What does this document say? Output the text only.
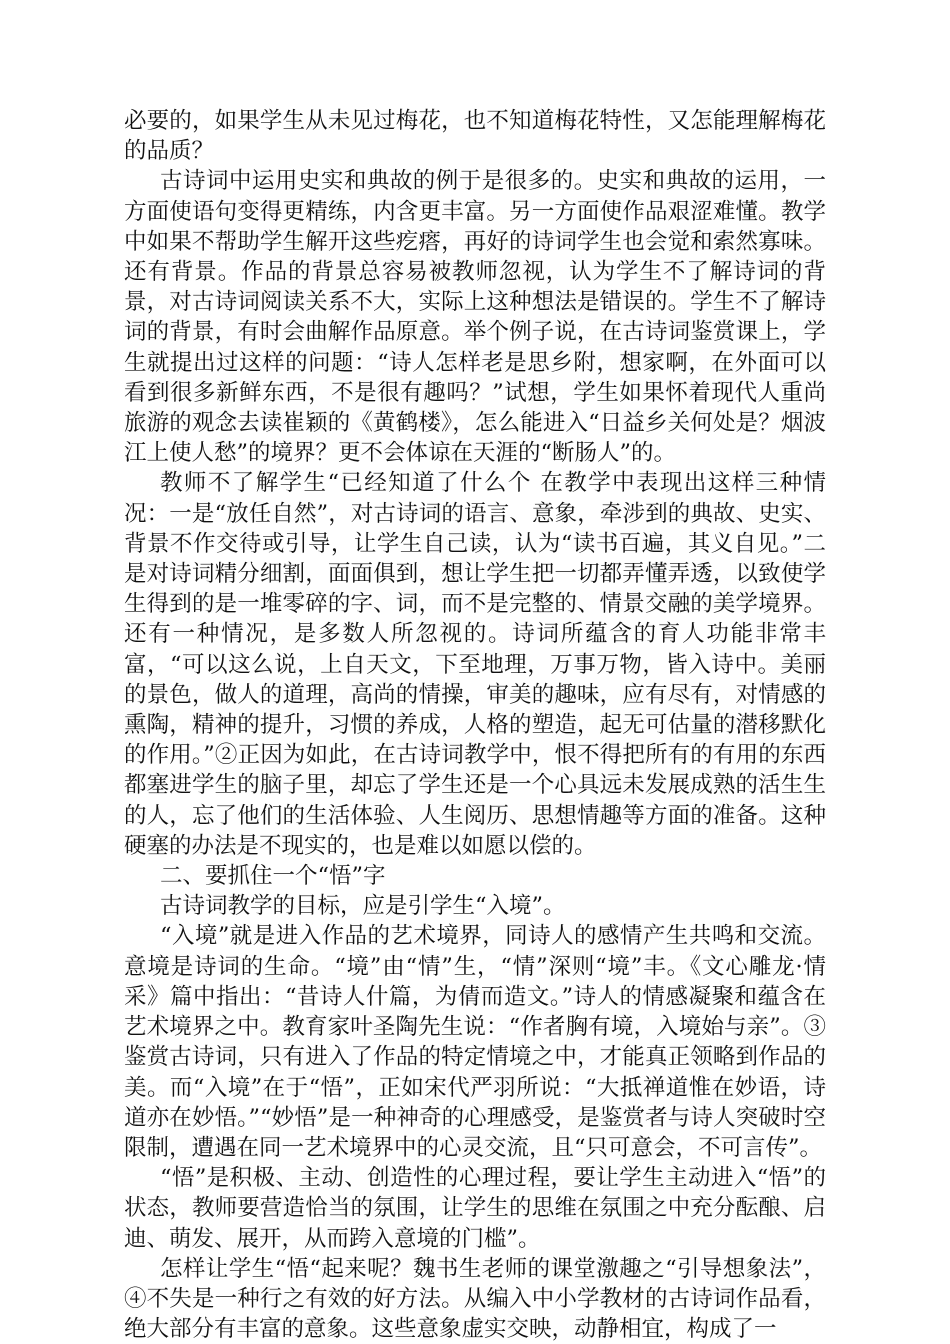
必要的，如果学生从未见过梅花，也不知道梅花特性，又怎能理解梅花的品质？

古诗词中运用史实和典故的例于是很多的。史实和典故的运用，一方面使语句变得更精练，内含更丰富。另一方面使作品艰涩难懂。教学中如果不帮助学生解开这些疙瘩，再好的诗词学生也会觉和索然寡味。还有背景。作品的背景总容易被教师忽视，认为学生不了解诗词的背景，对古诗词阅读关系不大，实际上这种想法是错误的。学生不了解诗词的背景，有时会曲解作品原意。举个例子说，在古诗词鉴赏课上，学生就提出过这样的问题：“诗人怎样老是思乡附，想家啊，在外面可以看到很多新鲜东西，不是很有趣吗？”试想，学生如果怀着现代人重尚旅游的观念去读崔颖的《黄鹤楼》，怎么能进入“日益乡关何处是？烟波江上使人愁”的境界？更不会体谅在天涯的“断肠人”的。

教师不了解学生“已经知道了什么个 在教学中表现出这样三种情况：一是“放任自然”，对古诗词的语言、意象，牵涉到的典故、史实、背景不作交待或引导，让学生自己读，认为“读书百遍，其义自见。”二是对诗词精分细割，面面俱到，想让学生把一切都弄懂弄透，以致使学生得到的是一堆零碎的字、词，而不是完整的、情景交融的美学境界。还有一种情况，是多数人所忽视的。诗词所蕴含的育人功能非常丰富，“可以这么说，上自天文，下至地理，万事万物，皆入诗中。美丽的景色，做人的道理，高尚的情操，审美的趣味，应有尽有，对情感的熏陶，精神的提升，习惯的养成，人格的塑造，起无可估量的潜移默化的作用。”②正因为如此，在古诗词教学中，恨不得把所有的有用的东西都塞进学生的脑子里，却忘了学生还是一个心具远未发展成熟的活生生的人，忘了他们的生活体验、人生阅历、思想情趣等方面的准备。这种硬塞的办法是不现实的，也是难以如愿以偿的。

二、要抓住一个“悟”字

古诗词教学的目标，应是引学生“入境”。

“入境”就是进入作品的艺术境界，同诗人的感情产生共鸣和交流。意境是诗词的生命。“境”由“情”生，“情”深则“境”丰。《文心雕龙·情采》篇中指出：“昔诗人什篇，为倩而造文。”诗人的情感凝聚和蕴含在艺术境界之中。教育家叶圣陶先生说：“作者胸有境，入境始与亲”。③鉴赏古诗词，只有进入了作品的特定情境之中，才能真正领略到作品的美。而“入境”在于“悟”，正如宋代严羽所说：“大抵禅道惟在妙语，诗道亦在妙悟。”“妙悟”是一种神奇的心理感受，是鉴赏者与诗人突破时空限制，遭遇在同一艺术境界中的心灵交流，且“只可意会，不可言传”。

“悟”是积极、主动、创造性的心理过程，要让学生主动进入“悟”的状态，教师要营造恰当的氛围，让学生的思维在氛围之中充分酝酿、启迪、萌发、展开，从而跨入意境的门槛”。

怎样让学生“悟“起来呢？魏书生老师的课堂激趣之“引导想象法”，④不失是一种行之有效的好方法。从编入中小学教材的古诗词作品看，绝大部分有丰富的意象。这些意象虚实交映，动静相宜，构成了一
